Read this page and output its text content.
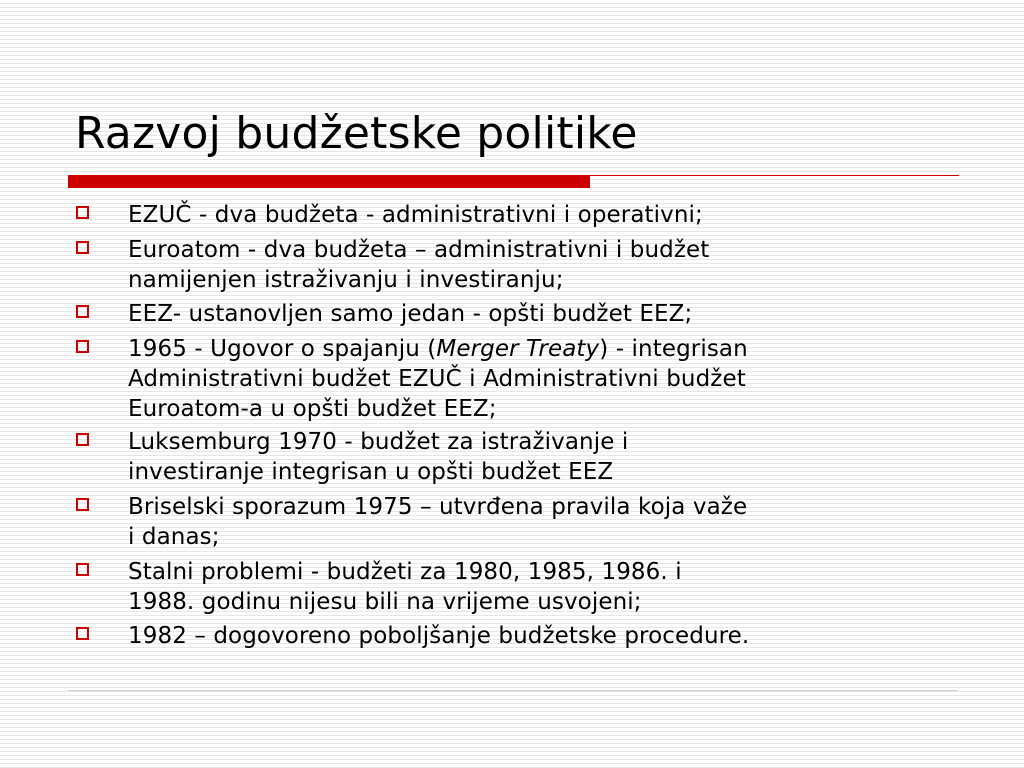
Razvoj budžetske politike
EZUČ - dva budžeta - administrativni i operativni;
Euroatom - dva budžeta – administrativni i budžet
namijenjen istraživanju i investiranju;
EEZ- ustanovljen samo jedan - opšti budžet EEZ;
1965 - Ugovor o spajanju (Merger Treaty) - integrisan
Administrativni budžet EZUČ i Administrativni budžet
Euroatom-a u opšti budžet EEZ;
Luksemburg 1970 - budžet za istraživanje i
investiranje integrisan u opšti budžet EEZ
Briselski sporazum 1975 – utvrđena pravila koja važe
i danas;
Stalni problemi - budžeti za 1980, 1985, 1986. i
1988. godinu nijesu bili na vrijeme usvojeni;
1982 – dogovoreno poboljšanje budžetske procedure.
